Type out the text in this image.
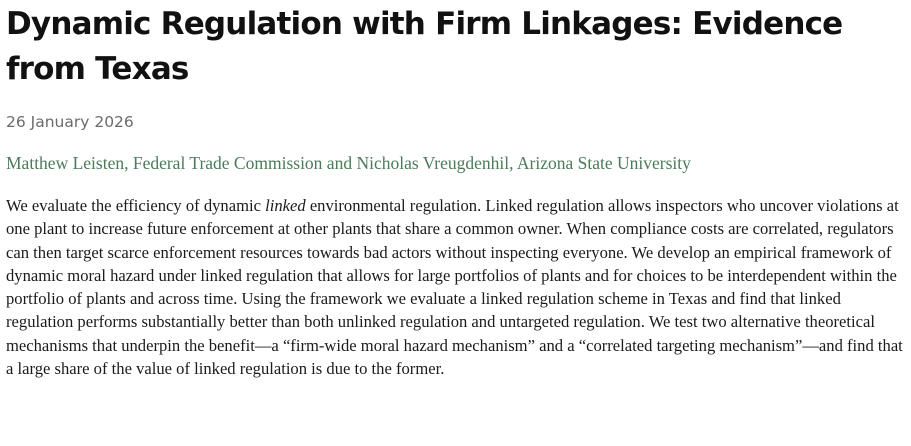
Dynamic Regulation with Firm Linkages: Evidence from Texas
26 January 2026
Matthew Leisten, Federal Trade Commission and Nicholas Vreugdenhil, Arizona State University

We evaluate the efficiency of dynamic linked environmental regulation. Linked regulation allows inspectors who uncover violations at one plant to increase future enforcement at other plants that share a common owner. When compliance costs are correlated, regulators can then target scarce enforcement resources towards bad actors without inspecting everyone. We develop an empirical framework of dynamic moral hazard under linked regulation that allows for large portfolios of plants and for choices to be interdependent within the portfolio of plants and across time. Using the framework we evaluate a linked regulation scheme in Texas and find that linked regulation performs substantially better than both unlinked regulation and untargeted regulation. We test two alternative theoretical mechanisms that underpin the benefit—a “firm-wide moral hazard mechanism” and a “correlated targeting mechanism”—and find that a large share of the value of linked regulation is due to the former.
